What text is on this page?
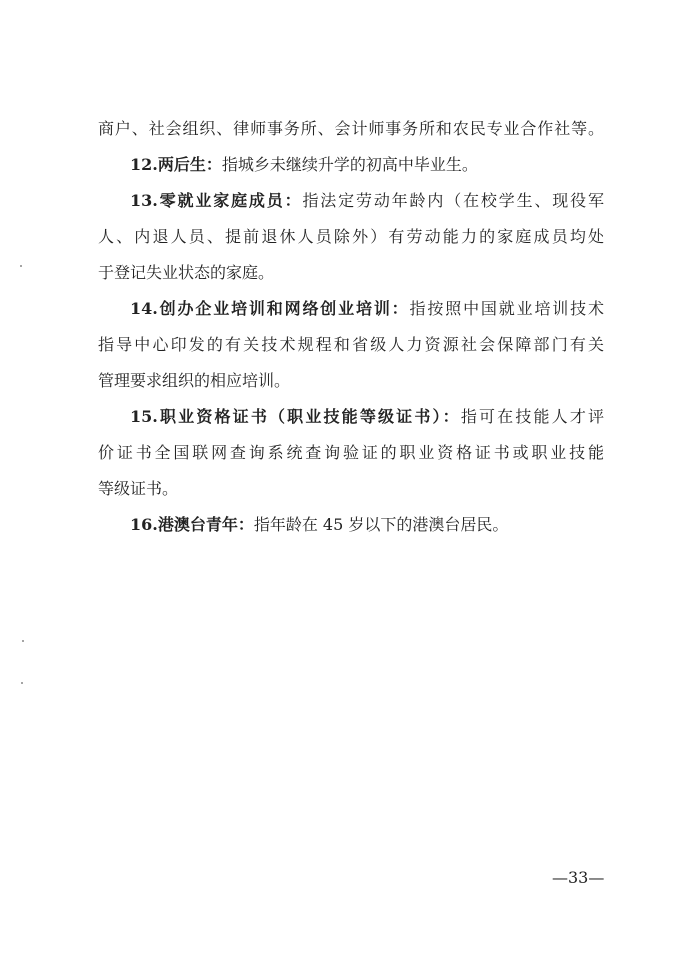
商户、社会组织、律师事务所、会计师事务所和农民专业合作社等。
12.两后生：指城乡未继续升学的初高中毕业生。
13.零就业家庭成员：指法定劳动年龄内（在校学生、现役军
人、内退人员、提前退休人员除外）有劳动能力的家庭成员均处
于登记失业状态的家庭。
14.创办企业培训和网络创业培训：指按照中国就业培训技术
指导中心印发的有关技术规程和省级人力资源社会保障部门有关
管理要求组织的相应培训。
15.职业资格证书（职业技能等级证书）：指可在技能人才评
价证书全国联网查询系统查询验证的职业资格证书或职业技能
等级证书。
16.港澳台青年：指年龄在 45 岁以下的港澳台居民。
—33—
